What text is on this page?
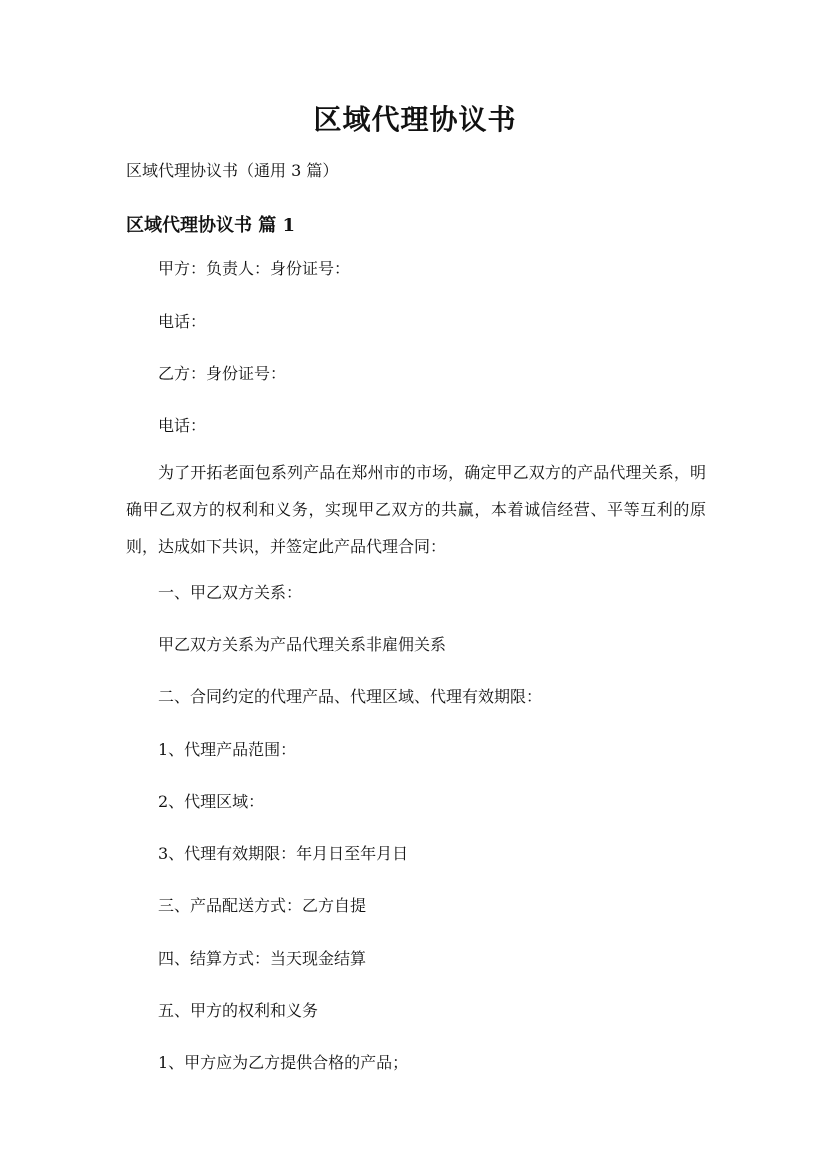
区域代理协议书
区域代理协议书（通用 3 篇）
区域代理协议书 篇 1
甲方：负责人：身份证号：
电话：
乙方：身份证号：
电话：
为了开拓老面包系列产品在郑州市的市场，确定甲乙双方的产品代理关系，明确甲乙双方的权利和义务，实现甲乙双方的共赢，本着诚信经营、平等互利的原则，达成如下共识，并签定此产品代理合同：
一、甲乙双方关系：
甲乙双方关系为产品代理关系非雇佣关系
二、合同约定的代理产品、代理区域、代理有效期限：
1、代理产品范围：
2、代理区域：
3、代理有效期限：年月日至年月日
三、产品配送方式：乙方自提
四、结算方式：当天现金结算
五、甲方的权利和义务
1、甲方应为乙方提供合格的产品；
